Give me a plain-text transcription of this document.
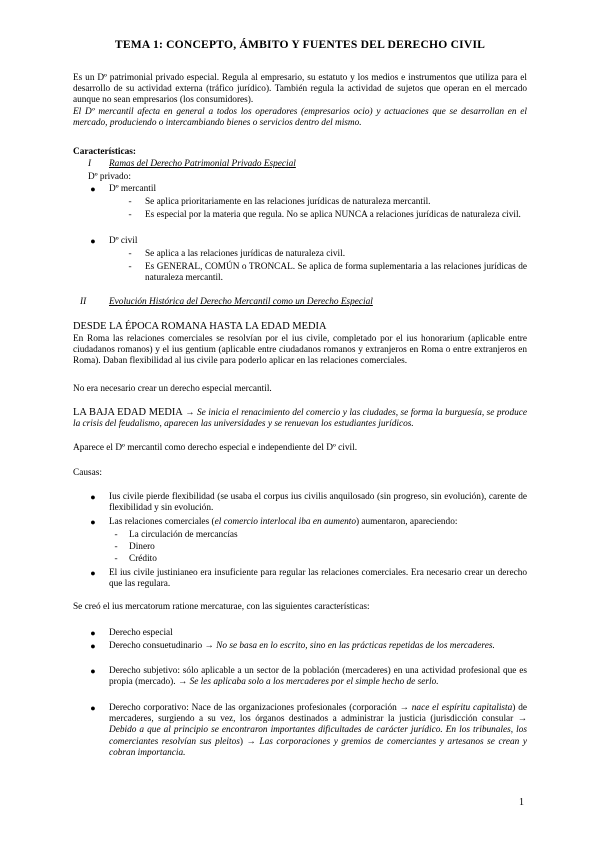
TEMA 1: CONCEPTO, ÁMBITO Y FUENTES DEL DERECHO CIVIL
Es un Dº patrimonial privado especial. Regula al empresario, su estatuto y los medios e instrumentos que utiliza para el desarrollo de su actividad externa (tráfico jurídico). También regula la actividad de sujetos que operan en el mercado aunque no sean empresarios (los consumidores).
El Dº mercantil afecta en general a todos los operadores (empresarios ocio) y actuaciones que se desarrollan en el mercado, produciendo o intercambiando bienes o servicios dentro del mismo.
Características:
I	Ramas del Derecho Patrimonial Privado Especial
Dº privado:
● Dº mercantil
- Se aplica prioritariamente en las relaciones jurídicas de naturaleza mercantil.
- Es especial por la materia que regula. No se aplica NUNCA a relaciones jurídicas de naturaleza civil.
● Dº civil
- Se aplica a las relaciones jurídicas de naturaleza civil.
- Es GENERAL, COMÚN o TRONCAL. Se aplica de forma suplementaria a las relaciones jurídicas de naturaleza mercantil.
II	Evolución Histórica del Derecho Mercantil como un Derecho Especial
DESDE LA ÉPOCA ROMANA HASTA LA EDAD MEDIA
En Roma las relaciones comerciales se resolvían por el ius civile, completado por el ius honorarium (aplicable entre ciudadanos romanos) y el ius gentium (aplicable entre ciudadanos romanos y extranjeros en Roma o entre extranjeros en Roma). Daban flexibilidad al ius civile para poderlo aplicar en las relaciones comerciales.
No era necesario crear un derecho especial mercantil.
LA BAJA EDAD MEDIA → Se inicia el renacimiento del comercio y las ciudades, se forma la burguesía, se produce la crisis del feudalismo, aparecen las universidades y se renuevan los estudiantes jurídicos.
Aparece el Dº mercantil como derecho especial e independiente del Dº civil.
Causas:
● Ius civile pierde flexibilidad (se usaba el corpus ius civilis anquilosado (sin progreso, sin evolución), carente de flexibilidad y sin evolución.
● Las relaciones comerciales (el comercio interlocal iba en aumento) aumentaron, apareciendo:
- La circulación de mercancías
- Dinero
- Crédito
● El ius civile justinianeo era insuficiente para regular las relaciones comerciales. Era necesario crear un derecho que las regulara.
Se creó el ius mercatorum ratione mercaturae, con las siguientes características:
● Derecho especial
● Derecho consuetudinario → No se basa en lo escrito, sino en las prácticas repetidas de los mercaderes.
● Derecho subjetivo: sólo aplicable a un sector de la población (mercaderes) en una actividad profesional que es propia (mercado). → Se les aplicaba solo a los mercaderes por el simple hecho de serlo.
● Derecho corporativo: Nace de las organizaciones profesionales (corporación → nace el espíritu capitalista) de mercaderes, surgiendo a su vez, los órganos destinados a administrar la justicia (jurisdicción consular → Debido a que al principio se encontraron importantes dificultades de carácter jurídico. En los tribunales, los comerciantes resolvían sus pleitos) → Las corporaciones y gremios de comerciantes y artesanos se crean y cobran importancia.
1
